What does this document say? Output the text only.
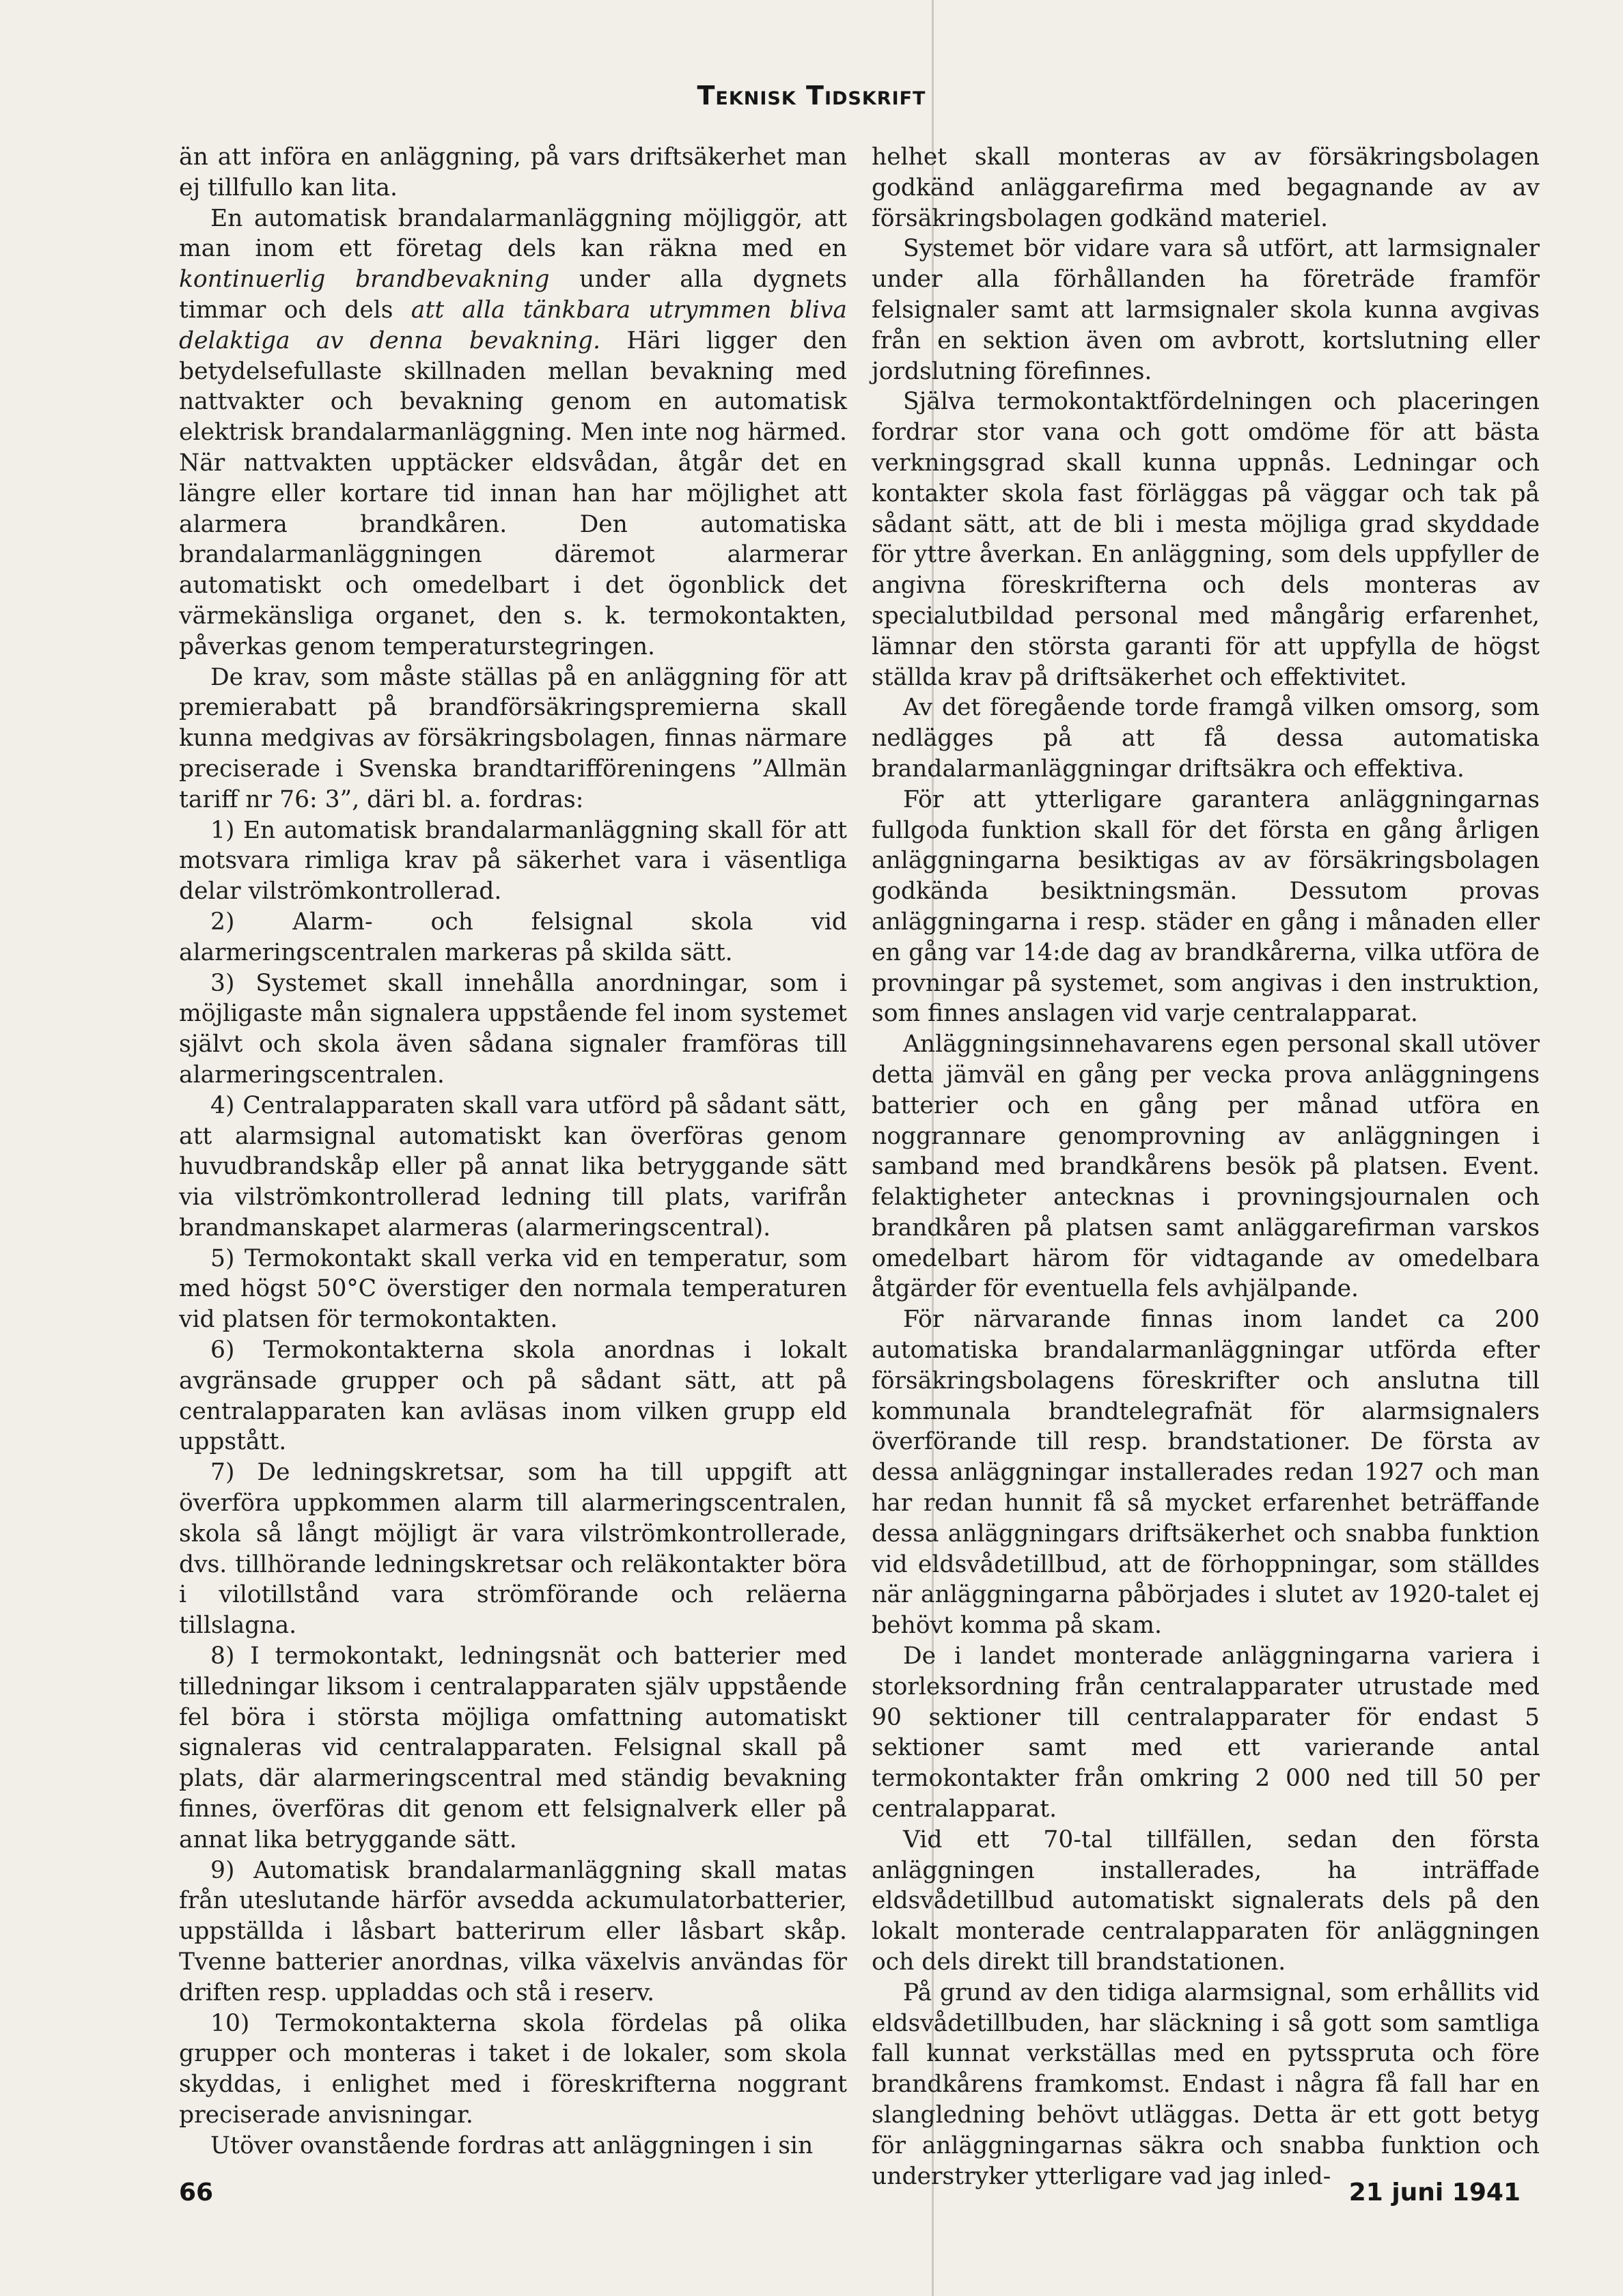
Teknisk Tidskrift

än att införa en anläggning, på vars driftsäkerhet man ej tillfullo kan lita.

En automatisk brandalarmanläggning möjliggör, att man inom ett företag dels kan räkna med en kontinuerlig brandbevakning under alla dygnets timmar och dels att alla tänkbara utrymmen bliva delaktiga av denna bevakning. Häri ligger den betydelsefullaste skillnaden mellan bevakning med nattvakter och bevakning genom en automatisk elektrisk brandalarmanläggning. Men inte nog härmed. När nattvakten upptäcker eldsvådan, åtgår det en längre eller kortare tid innan han har möjlighet att alarmera brandkåren. Den automatiska brandalarmanläggningen däremot alarmerar automatiskt och omedelbart i det ögonblick det värmekänsliga organet, den s. k. termokontakten, påverkas genom temperaturstegringen.

De krav, som måste ställas på en anläggning för att premierabatt på brandförsäkringspremierna skall kunna medgivas av försäkringsbolagen, finnas närmare preciserade i Svenska brandtarifföreningens ”Allmän tariff nr 76: 3”, däri bl. a. fordras:

1) En automatisk brandalarmanläggning skall för att motsvara rimliga krav på säkerhet vara i väsentliga delar vilströmkontrollerad.

2) Alarm- och felsignal skola vid alarmeringscentralen markeras på skilda sätt.

3) Systemet skall innehålla anordningar, som i möjligaste mån signalera uppstående fel inom systemet självt och skola även sådana signaler framföras till alarmeringscentralen.

4) Centralapparaten skall vara utförd på sådant sätt, att alarmsignal automatiskt kan överföras genom huvudbrandskåp eller på annat lika betryggande sätt via vilströmkontrollerad ledning till plats, varifrån brandmanskapet alarmeras (alarmeringscentral).

5) Termokontakt skall verka vid en temperatur, som med högst 50°C överstiger den normala temperaturen vid platsen för termokontakten.

6) Termokontakterna skola anordnas i lokalt avgränsade grupper och på sådant sätt, att på centralapparaten kan avläsas inom vilken grupp eld uppstått.

7) De ledningskretsar, som ha till uppgift att överföra uppkommen alarm till alarmeringscentralen, skola så långt möjligt är vara vilströmkontrollerade, dvs. tillhörande ledningskretsar och reläkontakter böra i vilotillstånd vara strömförande och reläerna tillslagna.

8) I termokontakt, ledningsnät och batterier med tilledningar liksom i centralapparaten själv uppstående fel böra i största möjliga omfattning automatiskt signaleras vid centralapparaten. Felsignal skall på plats, där alarmeringscentral med ständig bevakning finnes, överföras dit genom ett felsignalverk eller på annat lika betryggande sätt.

9) Automatisk brandalarmanläggning skall matas från uteslutande härför avsedda ackumulatorbatterier, uppställda i låsbart batterirum eller låsbart skåp. Tvenne batterier anordnas, vilka växelvis användas för driften resp. uppladdas och stå i reserv.

10) Termokontakterna skola fördelas på olika grupper och monteras i taket i de lokaler, som skola skyddas, i enlighet med i föreskrifterna noggrant preciserade anvisningar.

Utöver ovanstående fordras att anläggningen i sin

helhet skall monteras av av försäkringsbolagen godkänd anläggarefirma med begagnande av av försäkringsbolagen godkänd materiel.

Systemet bör vidare vara så utfört, att larmsignaler under alla förhållanden ha företräde framför felsignaler samt att larmsignaler skola kunna avgivas från en sektion även om avbrott, kortslutning eller jordslutning förefinnes.

Själva termokontaktfördelningen och placeringen fordrar stor vana och gott omdöme för att bästa verkningsgrad skall kunna uppnås. Ledningar och kontakter skola fast förläggas på väggar och tak på sådant sätt, att de bli i mesta möjliga grad skyddade för yttre åverkan. En anläggning, som dels uppfyller de angivna föreskrifterna och dels monteras av specialutbildad personal med mångårig erfarenhet, lämnar den största garanti för att uppfylla de högst ställda krav på driftsäkerhet och effektivitet.

Av det föregående torde framgå vilken omsorg, som nedlägges på att få dessa automatiska brandalarmanläggningar driftsäkra och effektiva.

För att ytterligare garantera anläggningarnas fullgoda funktion skall för det första en gång årligen anläggningarna besiktigas av av försäkringsbolagen godkända besiktningsmän. Dessutom provas anläggningarna i resp. städer en gång i månaden eller en gång var 14:de dag av brandkårerna, vilka utföra de provningar på systemet, som angivas i den instruktion, som finnes anslagen vid varje centralapparat.

Anläggningsinnehavarens egen personal skall utöver detta jämväl en gång per vecka prova anläggningens batterier och en gång per månad utföra en noggrannare genomprovning av anläggningen i samband med brandkårens besök på platsen. Event. felaktigheter antecknas i provningsjournalen och brandkåren på platsen samt anläggarefirman varskos omedelbart härom för vidtagande av omedelbara åtgärder för eventuella fels avhjälpande.

För närvarande finnas inom landet ca 200 automatiska brandalarmanläggningar utförda efter försäkringsbolagens föreskrifter och anslutna till kommunala brandtelegrafnät för alarmsignalers överförande till resp. brandstationer. De första av dessa anläggningar installerades redan 1927 och man har redan hunnit få så mycket erfarenhet beträffande dessa anläggningars driftsäkerhet och snabba funktion vid eldsvådetillbud, att de förhoppningar, som ställdes när anläggningarna påbörjades i slutet av 1920-talet ej behövt komma på skam.

De i landet monterade anläggningarna variera i storleksordning från centralapparater utrustade med 90 sektioner till centralapparater för endast 5 sektioner samt med ett varierande antal termokontakter från omkring 2 000 ned till 50 per centralapparat.

Vid ett 70-tal tillfällen, sedan den första anläggningen installerades, ha inträffade eldsvådetillbud automatiskt signalerats dels på den lokalt monterade centralapparaten för anläggningen och dels direkt till brandstationen.

På grund av den tidiga alarmsignal, som erhållits vid eldsvådetillbuden, har släckning i så gott som samtliga fall kunnat verkställas med en pytsspruta och före brandkårens framkomst. Endast i några få fall har en slangledning behövt utläggas. Detta är ett gott betyg för anläggningarnas säkra och snabba funktion och understryker ytterligare vad jag inled-

66	21 juni 1941
